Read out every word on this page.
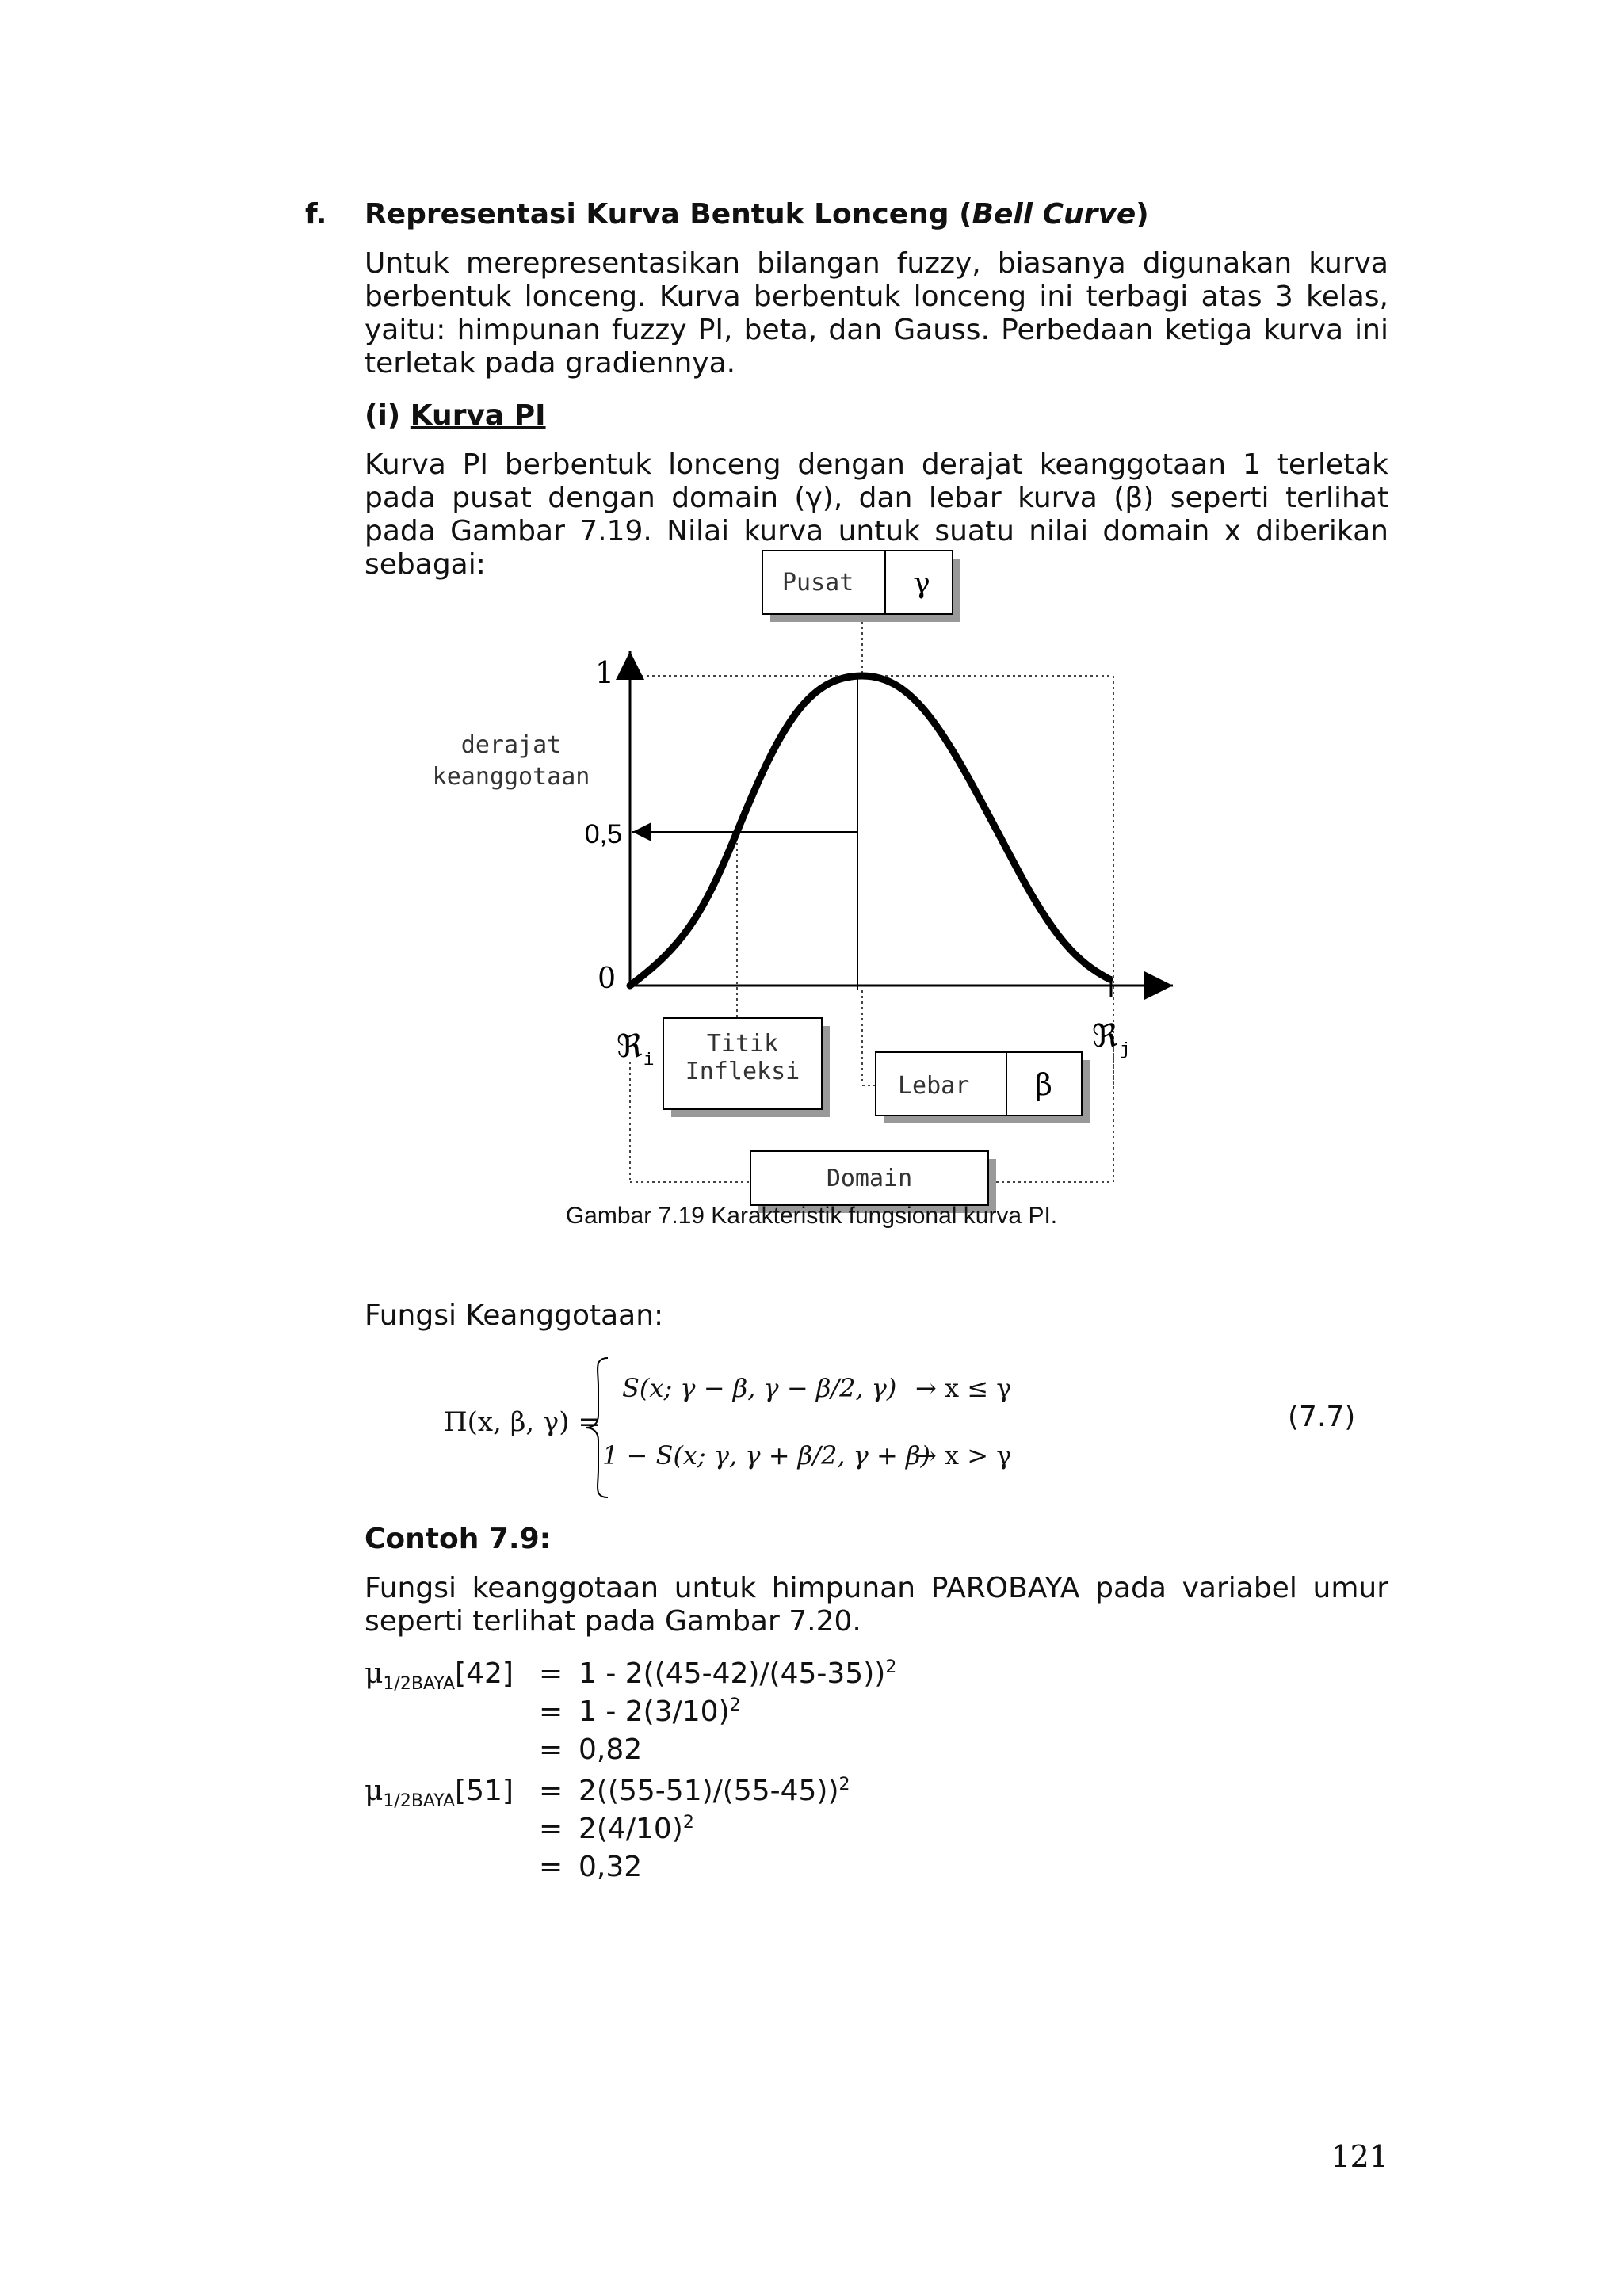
f. Representasi Kurva Bentuk Lonceng (Bell Curve)
Untuk merepresentasikan bilangan fuzzy, biasanya digunakan kurva berbentuk lonceng. Kurva berbentuk lonceng ini terbagi atas 3 kelas, yaitu: himpunan fuzzy PI, beta, dan Gauss. Perbedaan ketiga kurva ini terletak pada gradiennya.
(i) Kurva PI
Kurva PI berbentuk lonceng dengan derajat keanggotaan 1 terletak pada pusat dengan domain (γ), dan lebar kurva (β) seperti terlihat pada Gambar 7.19. Nilai kurva untuk suatu nilai domain x diberikan sebagai:
Pusat
derajat
keanggotaan
Titik
Infleksi
Lebar
Domain
γ
β
1
0
ℜ	ℜ
0,5
i
j
Gambar 7.19 Karakteristik fungsional kurva PI.
Fungsi Keanggotaan:
Π(x, β, γ) =
S(x; γ − β, γ − β/2, γ) → x ≤ γ
1 − S(x; γ, γ + β/2, γ + β)
→ x > γ
(7.7)
Contoh 7.9:
Fungsi keanggotaan untuk himpunan PAROBAYA pada variabel umur seperti terlihat pada Gambar 7.20.
$\mu_{1/2BAYA}[42] = 1 - 2((45-42)/(45-35))^2$
= $1 - 2(3/10)^2$
= 0,82
$\mu_{1/2BAYA}[51] = 2((55-51)/(55-45))^2$
= $2(4/10)^2$
= 0,32
121
